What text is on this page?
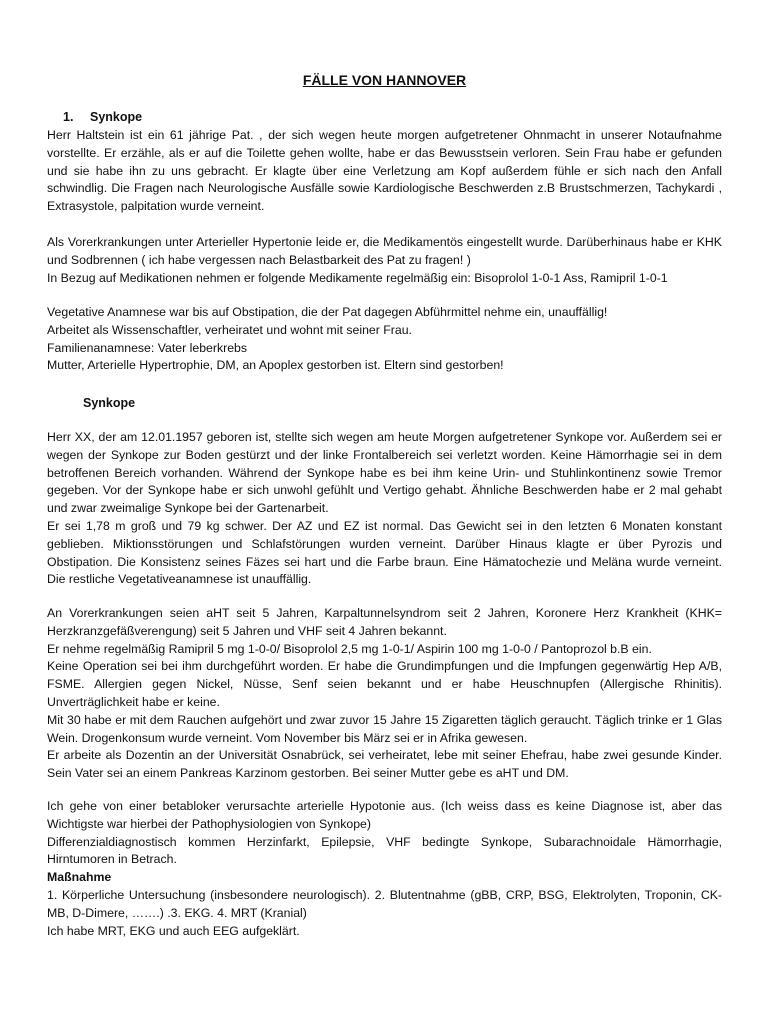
FÄLLE VON HANNOVER
1. Synkope

Herr Haltstein ist ein 61 jährige Pat. , der sich wegen heute morgen aufgetretener Ohnmacht in unserer Notaufnahme vorstellte. Er erzähle, als er auf die Toilette gehen wollte, habe er das Bewusstsein verloren. Sein Frau habe er gefunden und sie habe ihn zu uns gebracht. Er klagte über eine Verletzung am Kopf außerdem fühle er sich nach den Anfall schwindlig. Die Fragen nach Neurologische Ausfälle sowie Kardiologische Beschwerden z.B Brustschmerzen, Tachykardi , Extrasystole, palpitation wurde verneint.

Als Vorerkrankungen unter Arterieller Hypertonie leide er, die Medikamentös eingestellt wurde. Darüberhinaus habe er KHK und Sodbrennen ( ich habe vergessen nach Belastbarkeit des Pat zu fragen! )

In Bezug auf Medikationen nehmen er folgende Medikamente regelmäßig ein: Bisoprolol 1-0-1 Ass, Ramipril 1-0-1

Vegetative Anamnese war bis auf Obstipation, die der Pat dagegen Abführmittel nehme ein, unauffällig!

Arbeitet als Wissenschaftler, verheiratet und wohnt mit seiner Frau.

Familienanamnese: Vater leberkrebs

Mutter, Arterielle Hypertrophie, DM, an Apoplex gestorben ist. Eltern sind gestorben!

Synkope

Herr XX, der am 12.01.1957 geboren ist, stellte sich wegen am heute Morgen aufgetretener Synkope vor. Außerdem sei er wegen der Synkope zur Boden gestürzt und der linke Frontalbereich sei verletzt worden. Keine Hämorrhagie sei in dem betroffenen Bereich vorhanden. Während der Synkope habe es bei ihm keine Urin- und Stuhlinkontinenz sowie Tremor gegeben. Vor der Synkope habe er sich unwohl gefühlt und Vertigo gehabt. Ähnliche Beschwerden habe er 2 mal gehabt und zwar zweimalige Synkope bei der Gartenarbeit.

Er sei 1,78 m groß und 79 kg schwer. Der AZ und EZ ist normal. Das Gewicht sei in den letzten 6 Monaten konstant geblieben. Miktionsstörungen und Schlafstörungen wurden verneint. Darüber Hinaus klagte er über Pyrozis und Obstipation. Die Konsistenz seines Fäzes sei hart und die Farbe braun. Eine Hämatochezie und Meläna wurde verneint. Die restliche Vegetativeanamnese ist unauffällig.

An Vorerkrankungen seien aHT seit 5 Jahren, Karpaltunnelsyndrom seit 2 Jahren, Koronere Herz Krankheit (KHK= Herzkranzgefäßverengung) seit 5 Jahren und VHF seit 4 Jahren bekannt.

Er nehme regelmäßig Ramipril 5 mg 1-0-0/ Bisoprolol 2,5 mg 1-0-1/ Aspirin 100 mg 1-0-0 / Pantoprozol b.B ein.

Keine Operation sei bei ihm durchgeführt worden. Er habe die Grundimpfungen und die Impfungen gegenwärtig Hep A/B, FSME. Allergien gegen Nickel, Nüsse, Senf seien bekannt und er habe Heuschnupfen (Allergische Rhinitis). Unverträglichkeit habe er keine.

Mit 30 habe er mit dem Rauchen aufgehört und zwar zuvor 15 Jahre 15 Zigaretten täglich geraucht. Täglich trinke er 1 Glas Wein. Drogenkonsum wurde verneint. Vom November bis März sei er in Afrika gewesen.

Er arbeite als Dozentin an der Universität Osnabrück, sei verheiratet, lebe mit seiner Ehefrau, habe zwei gesunde Kinder. Sein Vater sei an einem Pankreas Karzinom gestorben. Bei seiner Mutter gebe es aHT und DM.

Ich gehe von einer betabloker verursachte arterielle Hypotonie aus. (Ich weiss dass es keine Diagnose ist, aber das Wichtigste war hierbei der Pathophysiologien von Synkope)

Differenzialdiagnostisch kommen Herzinfarkt, Epilepsie, VHF bedingte Synkope, Subarachnoidale Hämorrhagie, Hirntumoren in Betrach.

Maßnahme

1. Körperliche Untersuchung (insbesondere neurologisch). 2. Blutentnahme (gBB, CRP, BSG, Elektrolyten, Troponin, CK-MB, D-Dimere, …….) .3. EKG. 4. MRT (Kranial)

Ich habe MRT, EKG und auch EEG aufgeklärt.
